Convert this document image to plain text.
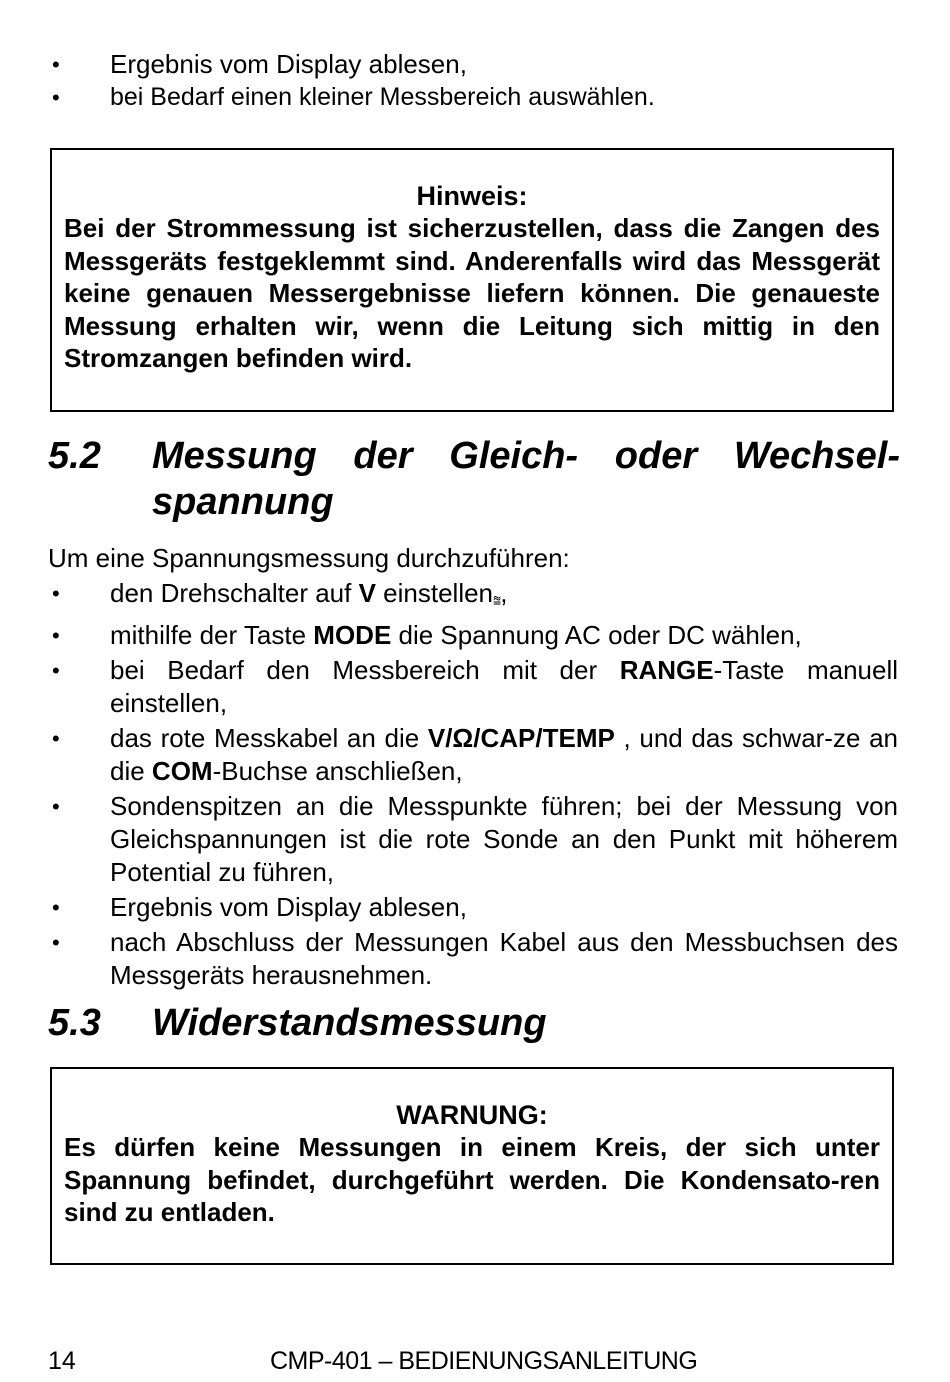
• Ergebnis vom Display ablesen,
• bei Bedarf einen kleiner Messbereich auswählen.
Hinweis:
Bei der Strommessung ist sicherzustellen, dass die Zangen des Messgeräts festgeklemmt sind. Anderenfalls wird das Messgerät keine genauen Messergebnisse liefern können. Die genaueste Messung erhalten wir, wenn die Leitung sich mittig in den Stromzangen befinden wird.
5.2 Messung der Gleich- oder Wechsel-
spannung
Um eine Spannungsmessung durchzuführen:
• den Drehschalter auf V einstellen⩰,
• mithilfe der Taste MODE die Spannung AC oder DC wählen,
• bei Bedarf den Messbereich mit der RANGE-Taste manuell einstellen,
• das rote Messkabel an die V/Ω/CAP/TEMP , und das schwar-ze an die COM-Buchse anschließen,
• Sondenspitzen an die Messpunkte führen; bei der Messung von Gleichspannungen ist die rote Sonde an den Punkt mit höherem Potential zu führen,
• Ergebnis vom Display ablesen,
• nach Abschluss der Messungen Kabel aus den Messbuchsen des Messgeräts herausnehmen.
5.3 Widerstandsmessung
WARNUNG:
Es dürfen keine Messungen in einem Kreis, der sich unter Spannung befindet, durchgeführt werden. Die Kondensato-ren sind zu entladen.
14	CMP-401 – BEDIENUNGSANLEITUNG
